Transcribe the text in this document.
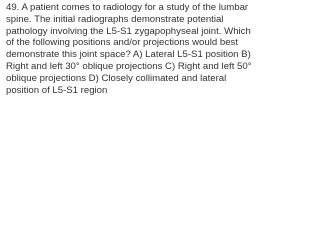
49. A patient comes to radiology for a study of the lumbar spine. The initial radiographs demonstrate potential pathology involving the L5-S1 zygapophyseal joint. Which of the following positions and/or projections would best demonstrate this joint space? A) Lateral L5-S1 position B) Right and left 30° oblique projections C) Right and left 50° oblique projections D) Closely collimated and lateral position of L5-S1 region
